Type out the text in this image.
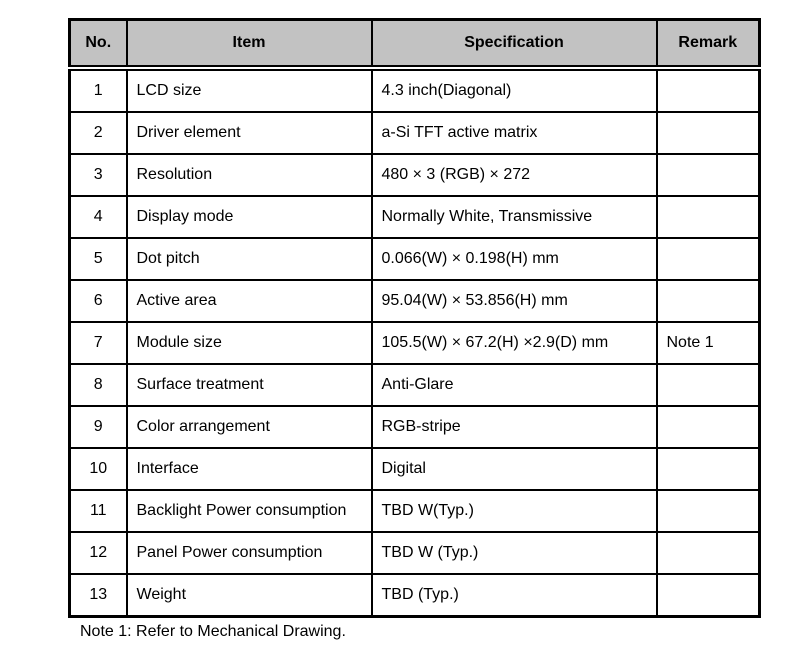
No.	Item	Specification	Remark
1	LCD size	4.3 inch(Diagonal)	
2	Driver element	a-Si TFT active matrix	
3	Resolution	480 × 3 (RGB) × 272	
4	Display mode	Normally White, Transmissive	
5	Dot pitch	0.066(W) × 0.198(H) mm	
6	Active area	95.04(W) × 53.856(H) mm	
7	Module size	105.5(W) × 67.2(H) ×2.9(D) mm	Note 1
8	Surface treatment	Anti-Glare	
9	Color arrangement	RGB-stripe	
10	Interface	Digital	
11	Backlight Power consumption	TBD W(Typ.)	
12	Panel Power consumption	TBD W (Typ.)	
13	Weight	TBD (Typ.)	
Note 1: Refer to Mechanical Drawing.
